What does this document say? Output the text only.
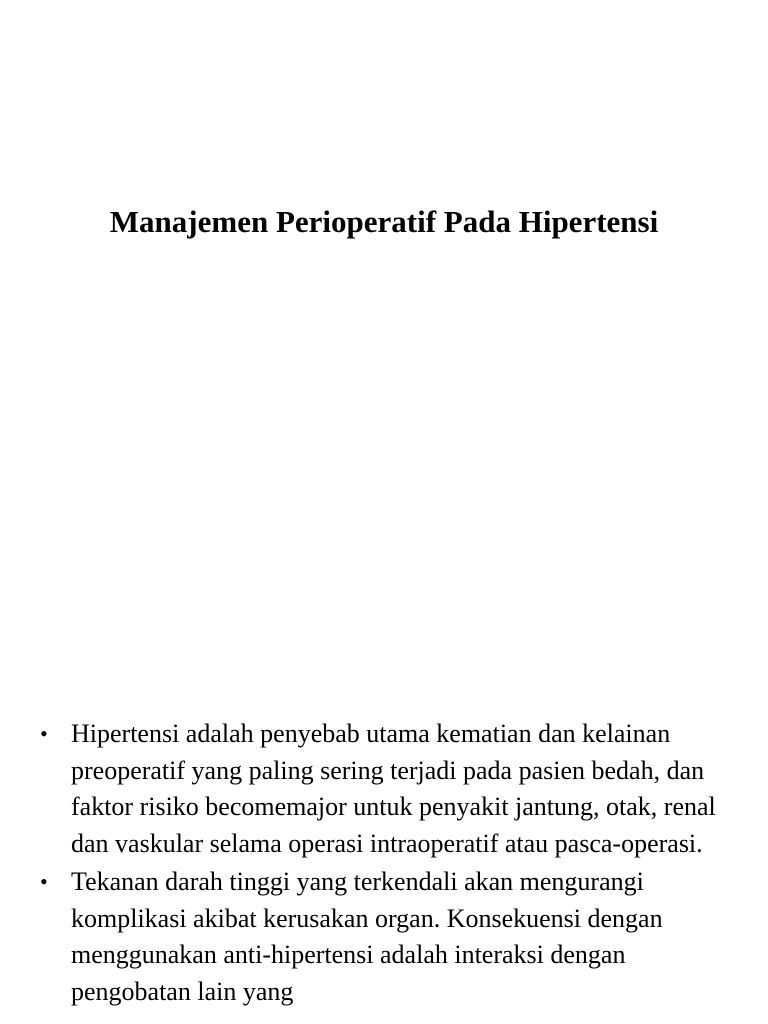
Manajemen Perioperatif Pada Hipertensi
• Hipertensi adalah penyebab utama kematian dan kelainan preoperatif yang paling sering terjadi pada pasien bedah, dan faktor risiko becomemajor untuk penyakit jantung, otak, renal dan vaskular selama operasi intraoperatif atau pasca-operasi.
• Tekanan darah tinggi yang terkendali akan mengurangi komplikasi akibat kerusakan organ. Konsekuensi dengan menggunakan anti-hipertensi adalah interaksi dengan pengobatan lain yang
